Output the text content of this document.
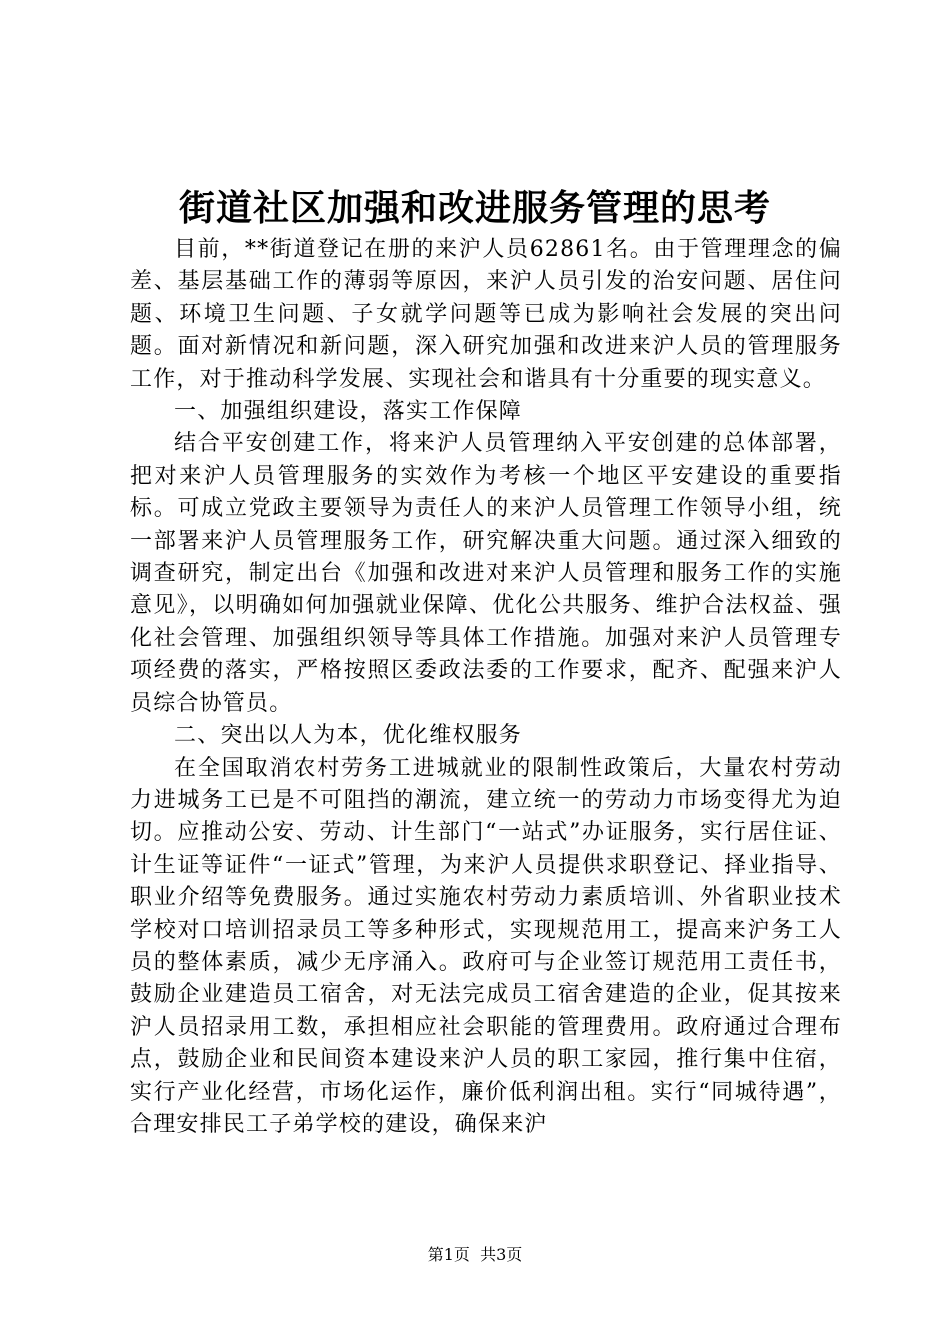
街道社区加强和改进服务管理的思考

目前，**街道登记在册的来沪人员62861名。由于管理理念的偏差、基层基础工作的薄弱等原因，来沪人员引发的治安问题、居住问题、环境卫生问题、子女就学问题等已成为影响社会发展的突出问题。面对新情况和新问题，深入研究加强和改进来沪人员的管理服务工作，对于推动科学发展、实现社会和谐具有十分重要的现实意义。

一、加强组织建设，落实工作保障

结合平安创建工作，将来沪人员管理纳入平安创建的总体部署，把对来沪人员管理服务的实效作为考核一个地区平安建设的重要指标。可成立党政主要领导为责任人的来沪人员管理工作领导小组，统一部署来沪人员管理服务工作，研究解决重大问题。通过深入细致的调查研究，制定出台《加强和改进对来沪人员管理和服务工作的实施意见》，以明确如何加强就业保障、优化公共服务、维护合法权益、强化社会管理、加强组织领导等具体工作措施。加强对来沪人员管理专项经费的落实，严格按照区委政法委的工作要求，配齐、配强来沪人员综合协管员。

二、突出以人为本，优化维权服务

在全国取消农村劳务工进城就业的限制性政策后，大量农村劳动力进城务工已是不可阻挡的潮流，建立统一的劳动力市场变得尤为迫切。应推动公安、劳动、计生部门“一站式”办证服务，实行居住证、计生证等证件“一证式”管理，为来沪人员提供求职登记、择业指导、职业介绍等免费服务。通过实施农村劳动力素质培训、外省职业技术学校对口培训招录员工等多种形式，实现规范用工，提高来沪务工人员的整体素质，减少无序涌入。政府可与企业签订规范用工责任书，鼓励企业建造员工宿舍，对无法完成员工宿舍建造的企业，促其按来沪人员招录用工数，承担相应社会职能的管理费用。政府通过合理布点，鼓励企业和民间资本建设来沪人员的职工家园，推行集中住宿，实行产业化经营，市场化运作，廉价低利润出租。实行“同城待遇”，合理安排民工子弟学校的建设，确保来沪

第1页  共3页
